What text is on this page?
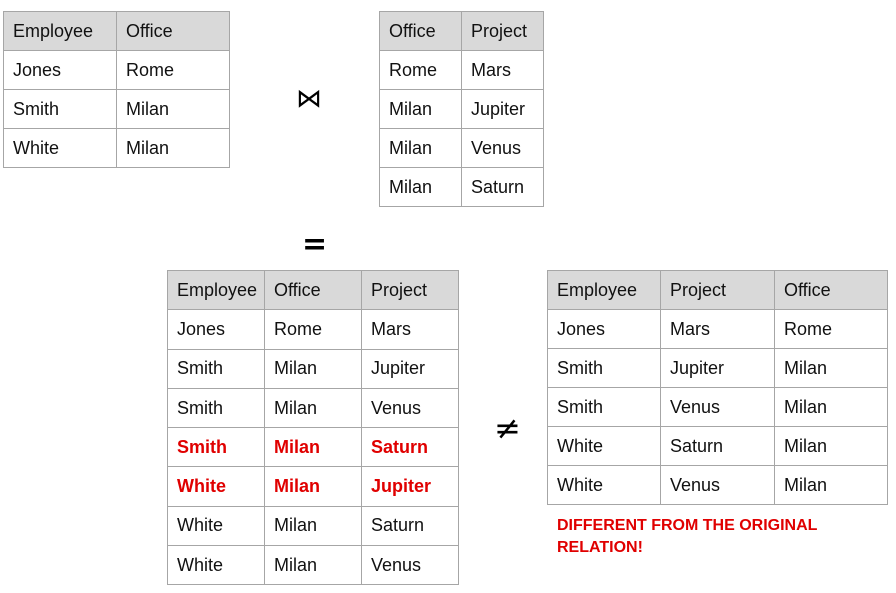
Employee	Office
Jones	Rome
Smith	Milan
White	Milan
⋈
Office	Project
Rome	Mars
Milan	Jupiter
Milan	Venus
Milan	Saturn
=
Employee	Office	Project
Jones	Rome	Mars
Smith	Milan	Jupiter
Smith	Milan	Venus
Smith	Milan	Saturn
White	Milan	Jupiter
White	Milan	Saturn
White	Milan	Venus
≠
Employee	Project	Office
Jones	Mars	Rome
Smith	Jupiter	Milan
Smith	Venus	Milan
White	Saturn	Milan
White	Venus	Milan
DIFFERENT FROM THE ORIGINAL
RELATION!
